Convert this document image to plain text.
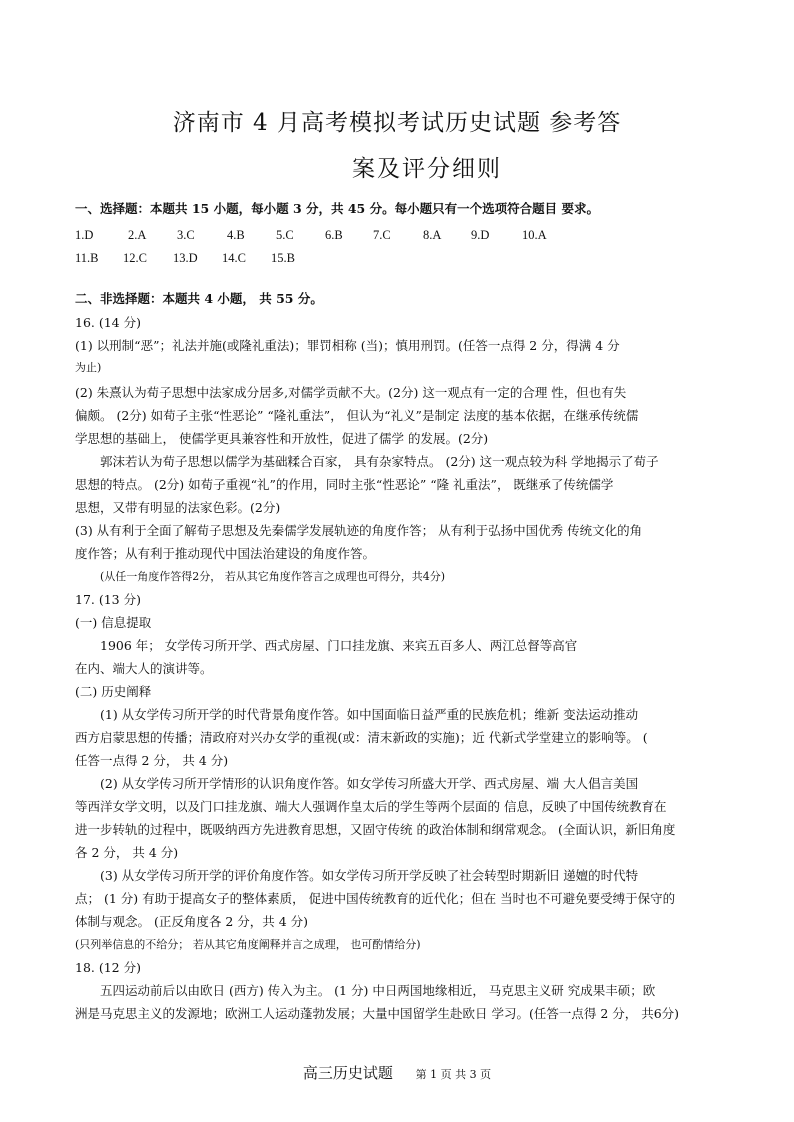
济南市 4 月高考模拟考试历史试题 参考答
案及评分细则
一、选择题：本题共 15 小题，每小题 3 分，共 45 分。每小题只有一个选项符合题目 要求。
1.D	2.A 3.C	4.B	5.C	6.B 7.C	8.A 9.D	10.A
11.B 12.C 13.D 14.C 15.B
二、非选择题：本题共 4 小题， 共 55 分。
16. (14 分)
(1) 以刑制“恶”；礼法并施(或隆礼重法)；罪罚相称 (当)；慎用刑罚。(任答一点得 2 分，得满 4 分
为止)
(2) 朱熹认为荀子思想中法家成分居多,对儒学贡献不大。(2分) 这一观点有一定的合理 性，但也有失
偏颇。 (2分) 如荀子主张“性恶论” “隆礼重法”， 但认为“礼义”是制定 法度的基本依据，在继承传统儒
学思想的基础上， 使儒学更具兼容性和开放性，促进了儒学 的发展。(2分)
郭沫若认为荀子思想以儒学为基础糅合百家， 具有杂家特点。 (2分) 这一观点较为科 学地揭示了荀子
思想的特点。 (2分) 如荀子重视“礼”的作用，同时主张“性恶论” “隆 礼重法”， 既继承了传统儒学
思想，又带有明显的法家色彩。(2分)
(3) 从有利于全面了解荀子思想及先秦儒学发展轨迹的角度作答； 从有利于弘扬中国优秀 传统文化的角
度作答；从有利于推动现代中国法治建设的角度作答。
(从任一角度作答得2分， 若从其它角度作答言之成理也可得分，共4分)
17. (13 分)
(一) 信息提取
1906 年； 女学传习所开学、西式房屋、门口挂龙旗、来宾五百多人、两江总督等高官
在内、端大人的演讲等。
(二) 历史阐释
(1) 从女学传习所开学的时代背景角度作答。如中国面临日益严重的民族危机；维新 变法运动推动
西方启蒙思想的传播；清政府对兴办女学的重视(或：清末新政的实施)；近 代新式学堂建立的影响等。 (
任答一点得 2 分， 共 4 分)
(2) 从女学传习所开学情形的认识角度作答。如女学传习所盛大开学、西式房屋、端 大人倡言美国
等西洋女学文明，以及门口挂龙旗、端大人强调作皇太后的学生等两个层面的 信息，反映了中国传统教育在
进一步转轨的过程中，既吸纳西方先进教育思想，又固守传统 的政治体制和纲常观念。 (全面认识，新旧角度
各 2 分， 共 4 分)
(3) 从女学传习所开学的评价角度作答。如女学传习所开学反映了社会转型时期新旧 递嬗的时代特
点； (1 分) 有助于提高女子的整体素质， 促进中国传统教育的近代化；但在 当时也不可避免要受缚于保守的
体制与观念。 (正反角度各 2 分，共 4 分)
(只列举信息的不给分； 若从其它角度阐释并言之成理， 也可酌情给分)
18. (12 分)
五四运动前后以由欧日 (西方) 传入为主。 (1 分) 中日两国地缘相近， 马克思主义研 究成果丰硕；欧
洲是马克思主义的发源地；欧洲工人运动蓬勃发展；大量中国留学生赴欧日 学习。(任答一点得 2 分， 共6分)
高三历史试题 第 1 页 共 3 页
